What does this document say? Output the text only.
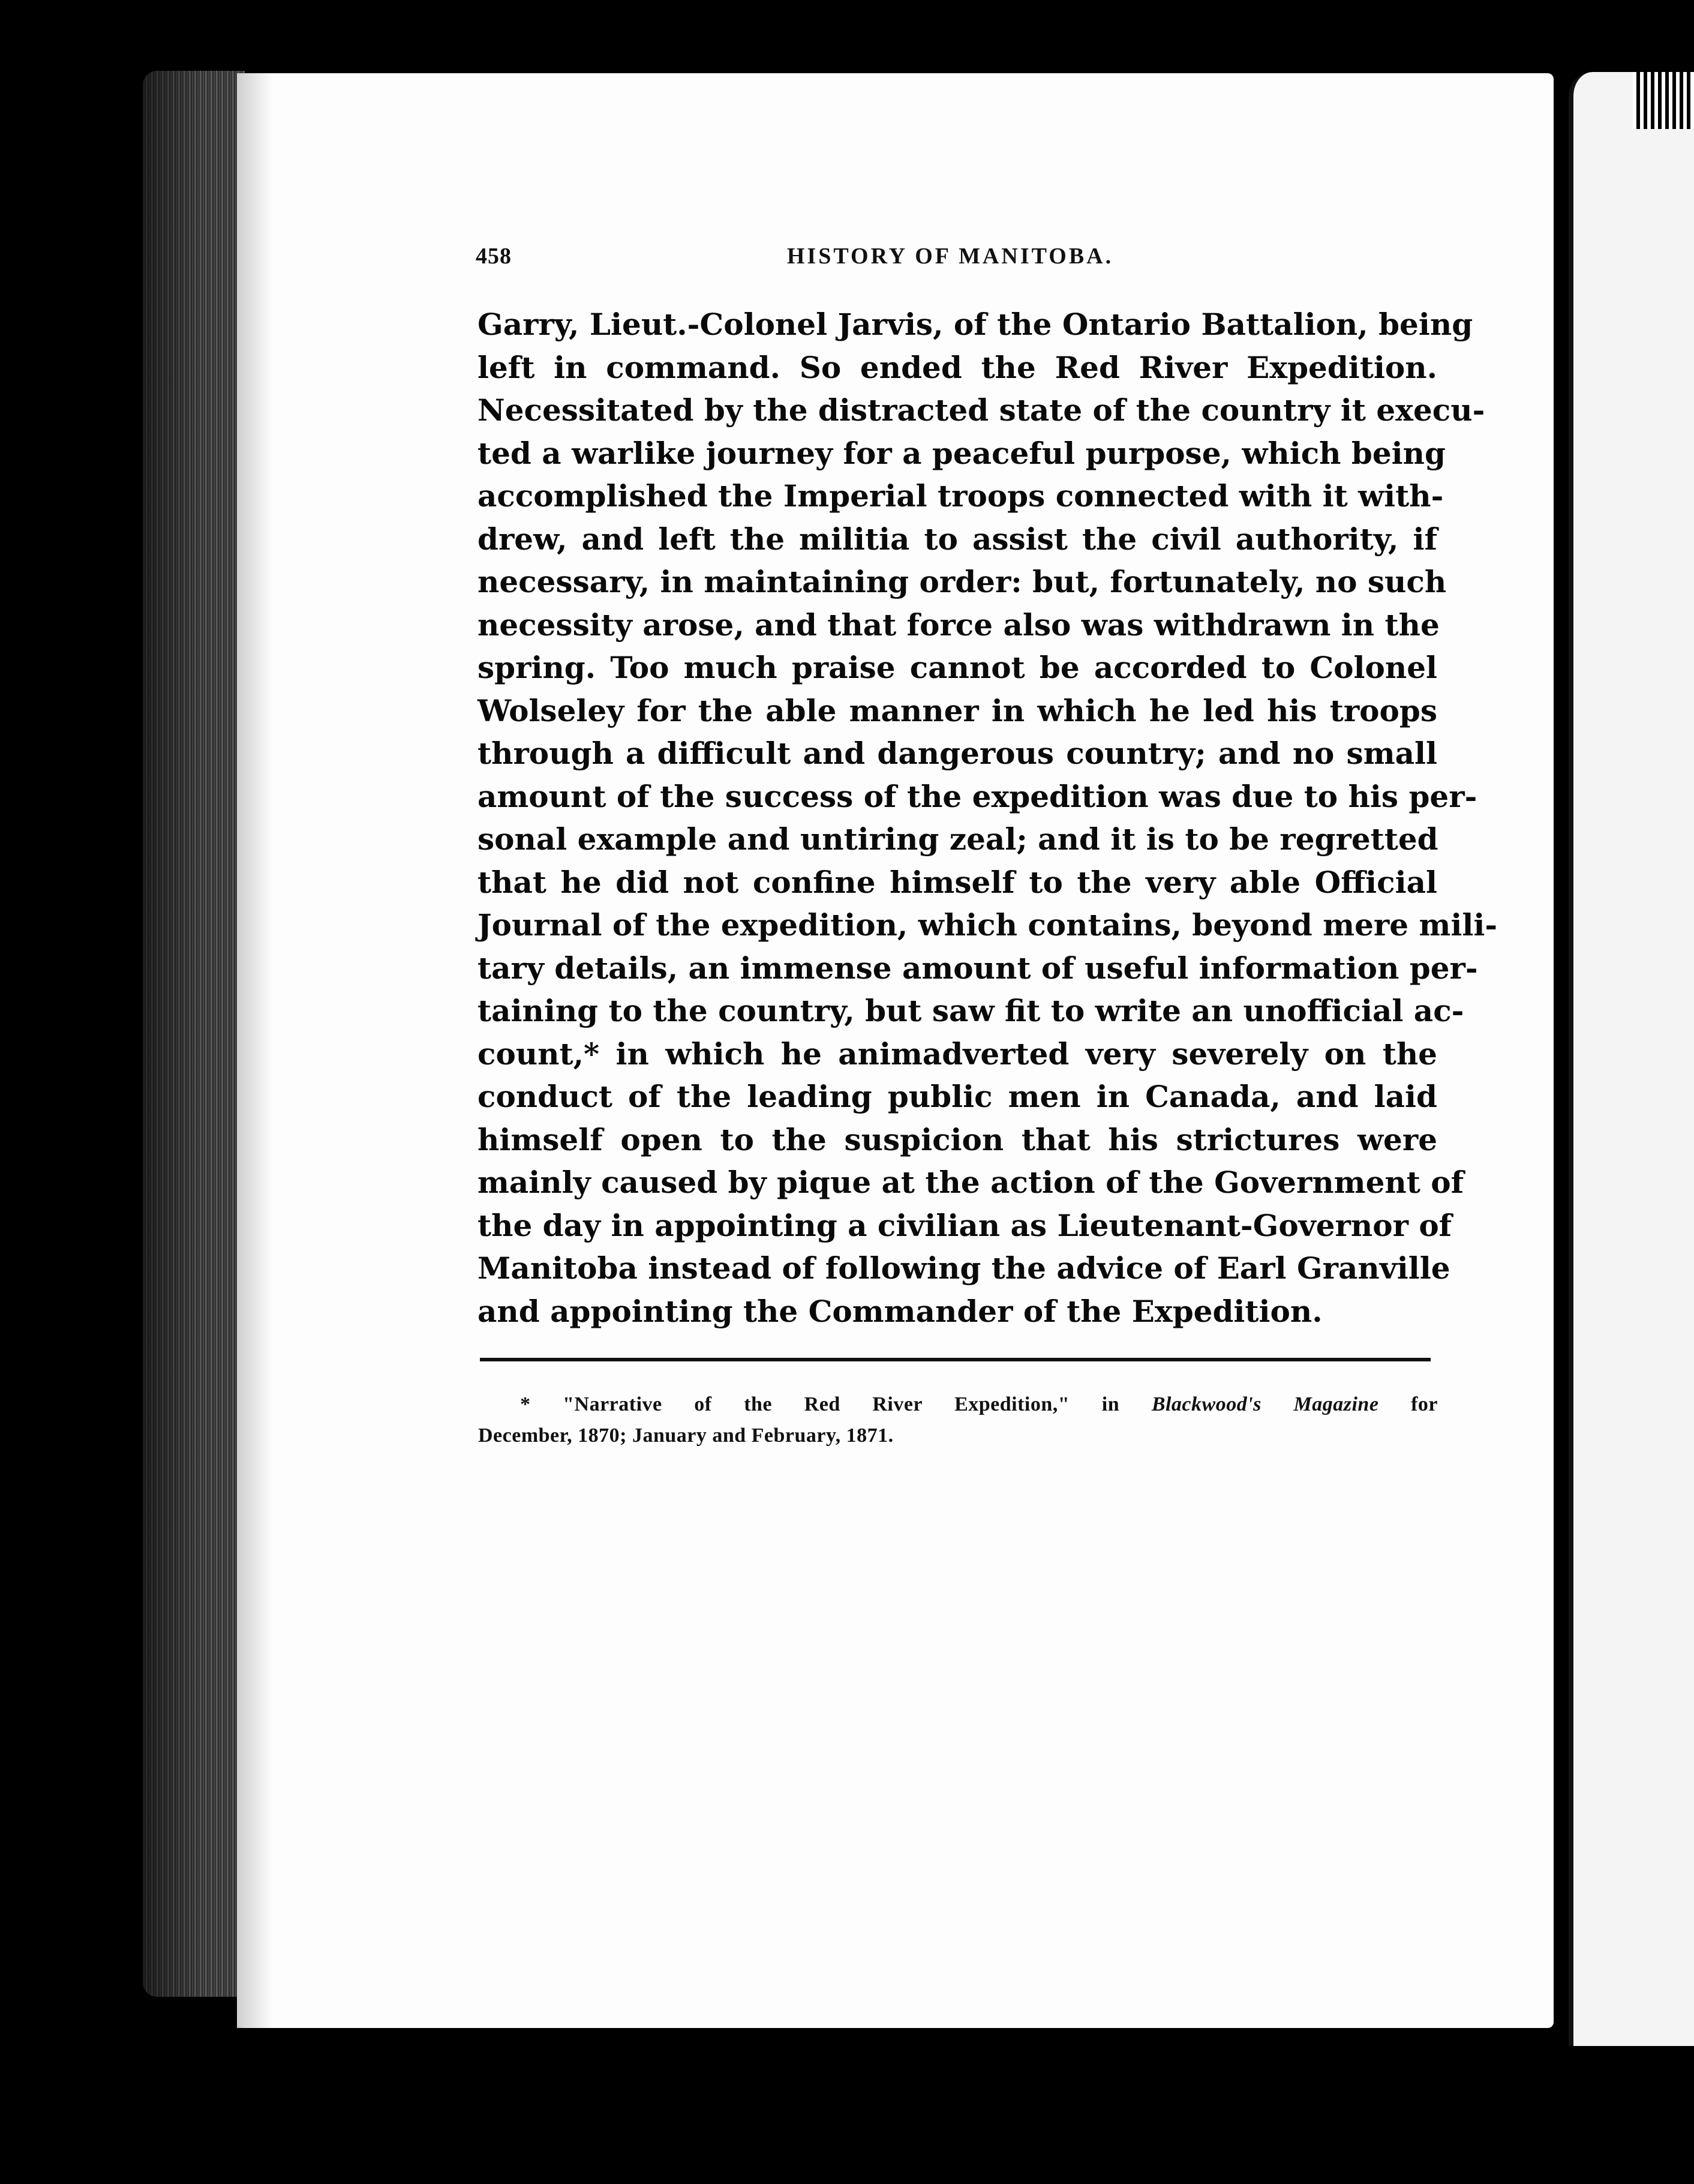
458	HISTORY OF MANITOBA.
Garry, Lieut.-Colonel Jarvis, of the Ontario Battalion, being
left in command. So ended the Red River Expedition.
Necessitated by the distracted state of the country it execu-
ted a warlike journey for a peaceful purpose, which being
accomplished the Imperial troops connected with it with-
drew, and left the militia to assist the civil authority, if
necessary, in maintaining order: but, fortunately, no such
necessity arose, and that force also was withdrawn in the
spring. Too much praise cannot be accorded to Colonel
Wolseley for the able manner in which he led his troops
through a difficult and dangerous country; and no small
amount of the success of the expedition was due to his per-
sonal example and untiring zeal; and it is to be regretted
that he did not confine himself to the very able Official
Journal of the expedition, which contains, beyond mere mili-
tary details, an immense amount of useful information per-
taining to the country, but saw fit to write an unofficial ac-
count,* in which he animadverted very severely on the
conduct of the leading public men in Canada, and laid
himself open to the suspicion that his strictures were
mainly caused by pique at the action of the Government of
the day in appointing a civilian as Lieutenant-Governor of
Manitoba instead of following the advice of Earl Granville
and appointing the Commander of the Expedition.
* "Narrative of the Red River Expedition," in Blackwood's Magazine for
December, 1870; January and February, 1871.
